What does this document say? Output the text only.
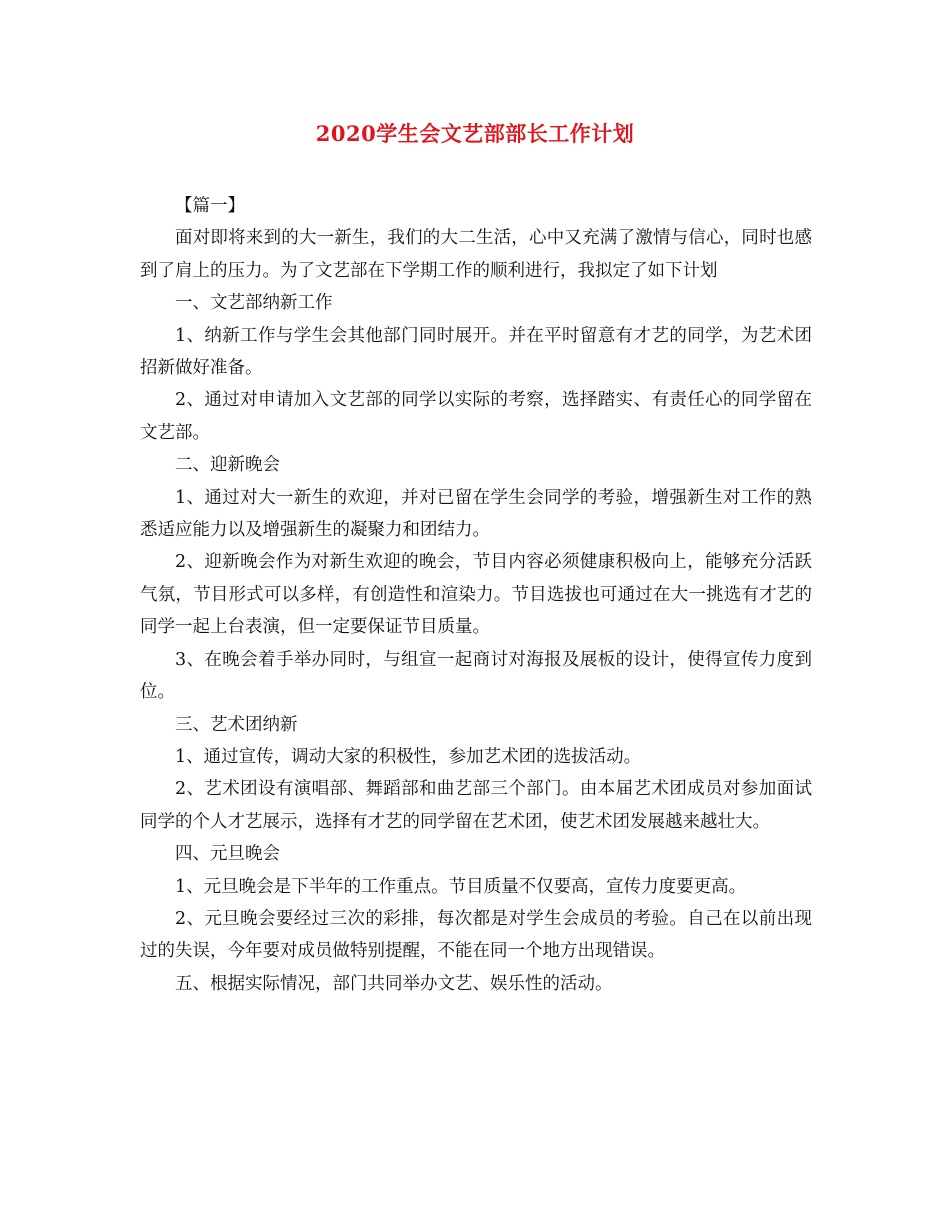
2020学生会文艺部部长工作计划

【篇一】

面对即将来到的大一新生，我们的大二生活，心中又充满了激情与信心，同时也感到了肩上的压力。为了文艺部在下学期工作的顺利进行，我拟定了如下计划

一、文艺部纳新工作

1、纳新工作与学生会其他部门同时展开。并在平时留意有才艺的同学，为艺术团招新做好准备。

2、通过对申请加入文艺部的同学以实际的考察，选择踏实、有责任心的同学留在文艺部。

二、迎新晚会

1、通过对大一新生的欢迎，并对已留在学生会同学的考验，增强新生对工作的熟悉适应能力以及增强新生的凝聚力和团结力。

2、迎新晚会作为对新生欢迎的晚会，节目内容必须健康积极向上，能够充分活跃气氛，节目形式可以多样，有创造性和渲染力。节目选拔也可通过在大一挑选有才艺的同学一起上台表演，但一定要保证节目质量。

3、在晚会着手举办同时，与组宣一起商讨对海报及展板的设计，使得宣传力度到位。

三、艺术团纳新

1、通过宣传，调动大家的积极性，参加艺术团的选拔活动。

2、艺术团设有演唱部、舞蹈部和曲艺部三个部门。由本届艺术团成员对参加面试同学的个人才艺展示，选择有才艺的同学留在艺术团，使艺术团发展越来越壮大。

四、元旦晚会

1、元旦晚会是下半年的工作重点。节目质量不仅要高，宣传力度要更高。

2、元旦晚会要经过三次的彩排，每次都是对学生会成员的考验。自己在以前出现过的失误，今年要对成员做特别提醒，不能在同一个地方出现错误。

五、根据实际情况，部门共同举办文艺、娱乐性的活动。
